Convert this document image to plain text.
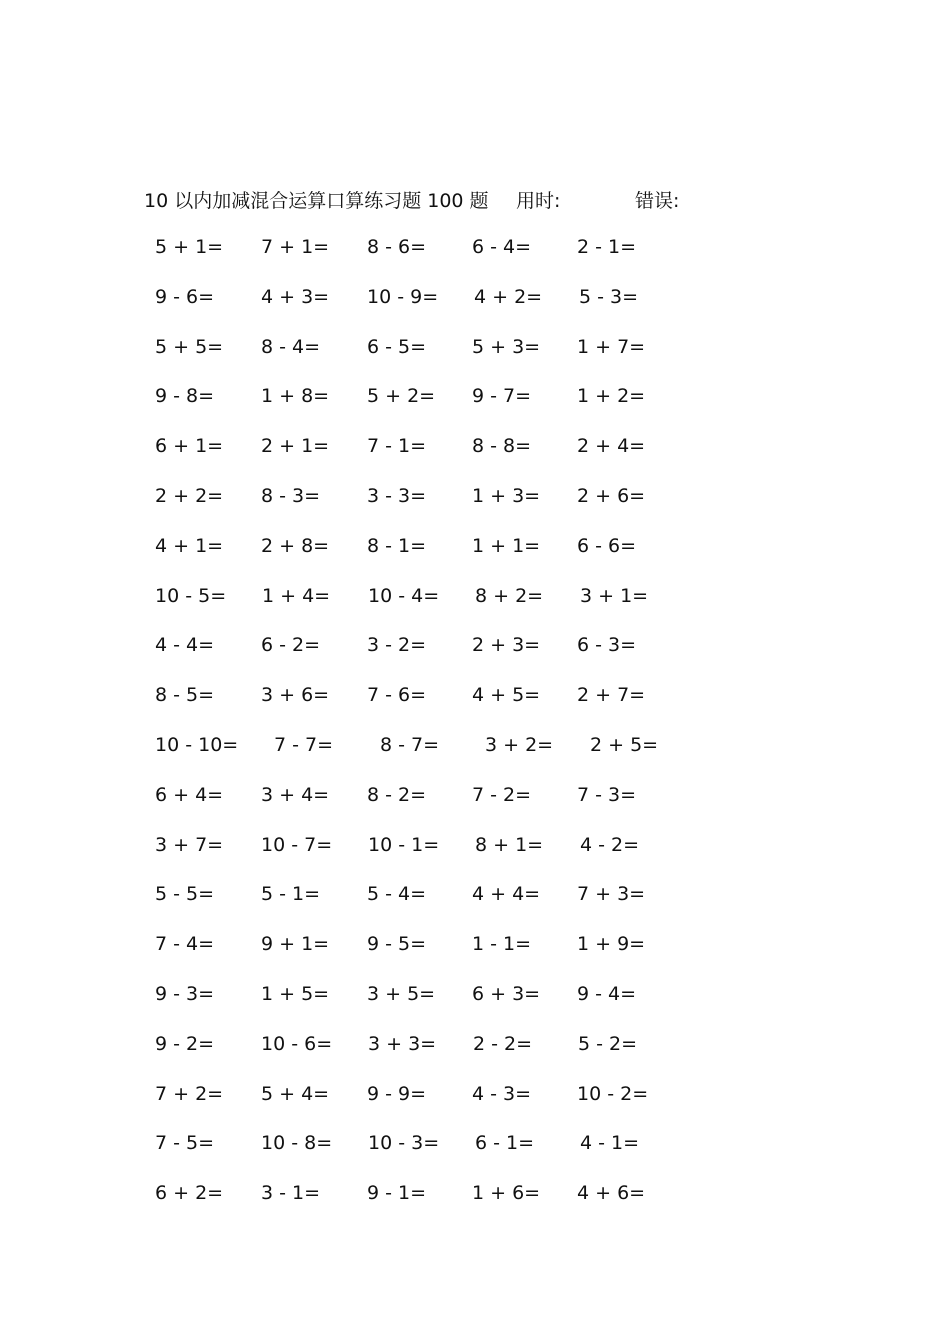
10 以内加减混合运算口算练习题 100 题 用时:	错误:
5 + 1= 7 + 1= 8 - 6= 6 - 4= 2 - 1=
9 - 6= 4 + 3= 10 - 9= 4 + 2= 5 - 3=
5 + 5= 8 - 4= 6 - 5= 5 + 3= 1 + 7=
9 - 8= 1 + 8= 5 + 2= 9 - 7= 1 + 2=
6 + 1= 2 + 1= 7 - 1= 8 - 8= 2 + 4=
2 + 2= 8 - 3= 3 - 3= 1 + 3= 2 + 6=
4 + 1= 2 + 8= 8 - 1= 1 + 1= 6 - 6=
10 - 5= 1 + 4= 10 - 4= 8 + 2= 3 + 1=
4 - 4= 6 - 2= 3 - 2= 2 + 3= 6 - 3=
8 - 5= 3 + 6= 7 - 6= 4 + 5= 2 + 7=
10 - 10= 7 - 7= 8 - 7= 3 + 2= 2 + 5=
6 + 4= 3 + 4= 8 - 2= 7 - 2= 7 - 3=
3 + 7= 10 - 7= 10 - 1= 8 + 1= 4 - 2=
5 - 5= 5 - 1= 5 - 4= 4 + 4= 7 + 3=
7 - 4= 9 + 1= 9 - 5= 1 - 1= 1 + 9=
9 - 3= 1 + 5= 3 + 5= 6 + 3= 9 - 4=
9 - 2= 10 - 6= 3 + 3= 2 - 2= 5 - 2=
7 + 2= 5 + 4= 9 - 9= 4 - 3= 10 - 2=
7 - 5= 10 - 8= 10 - 3= 6 - 1= 4 - 1=
6 + 2= 3 - 1= 9 - 1= 1 + 6= 4 + 6=
